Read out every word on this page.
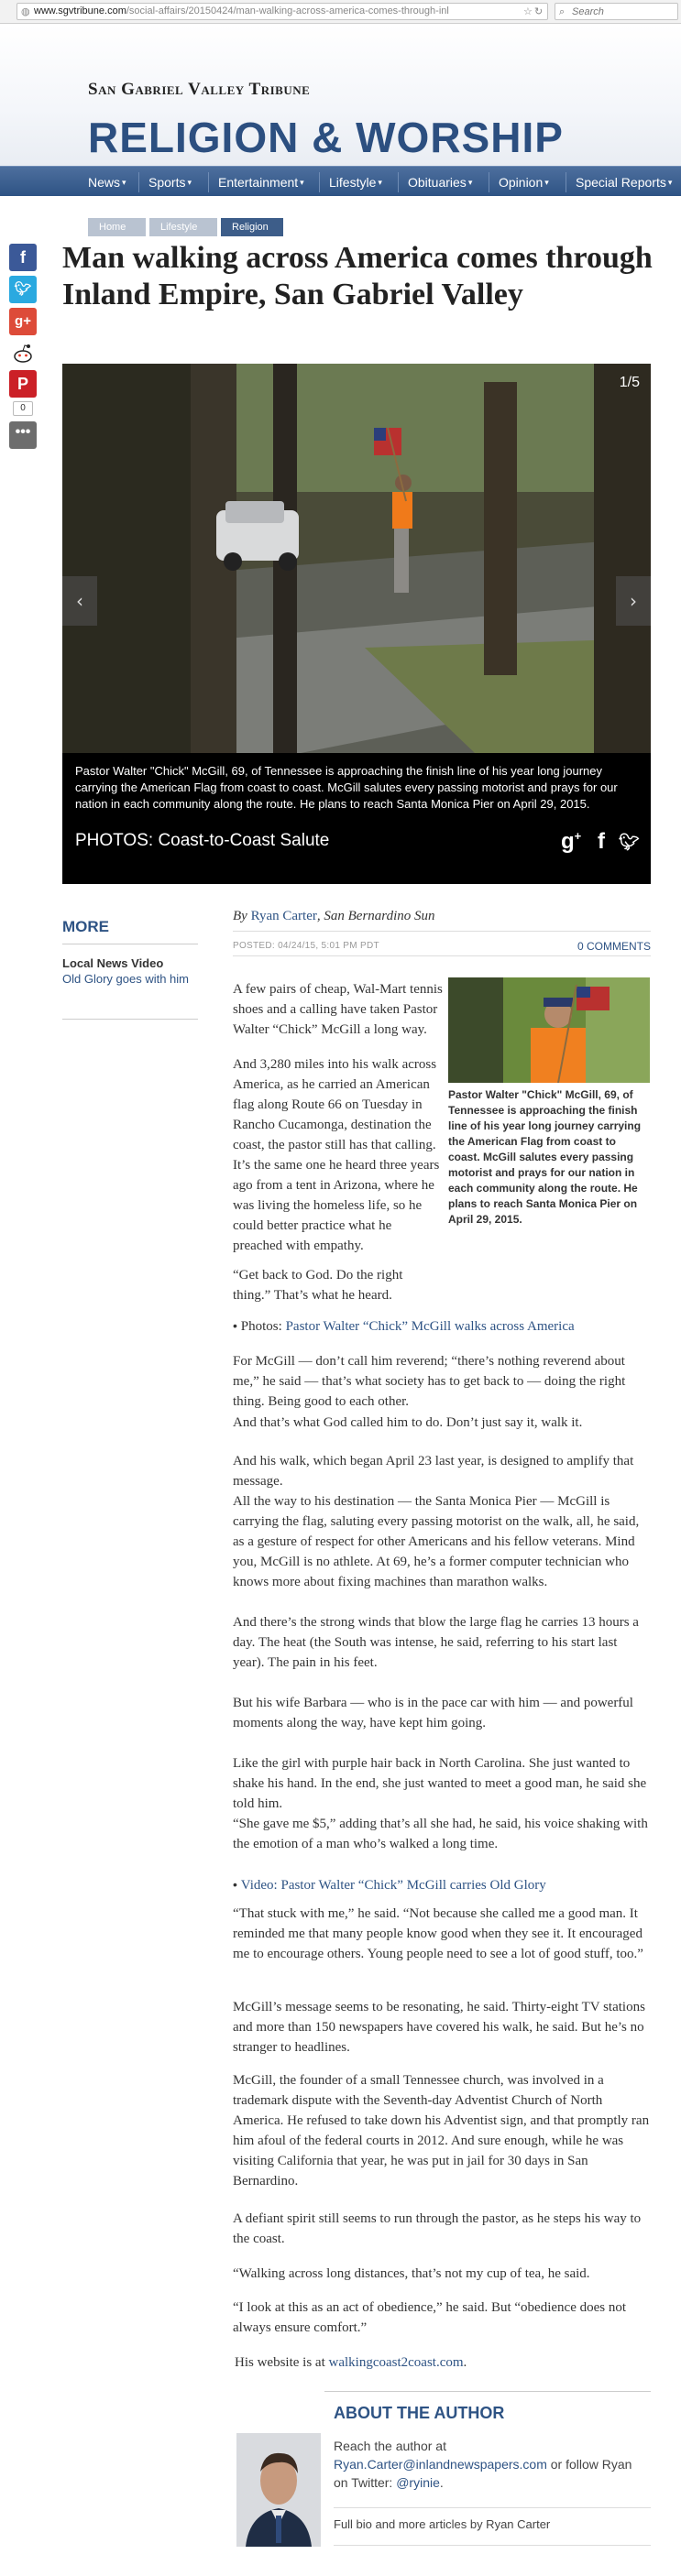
◍ www.sgvtribune.com/social-affairs/20150424/man-walking-across-america-comes-through-inl	☆ ↻ ⌕
Search
San Gabriel Valley Tribune
RELIGION & WORSHIP
News ▾	Sports ▾	Entertainment ▾	Lifestyle ▾	Obituaries ▾	Opinion ▾	Special Reports ▾
f
🐦︎
g+
P
0
•••
Home	Lifestyle	Religion
Man walking across America comes through Inland Empire, San Gabriel Valley
1/5
‹	›
Pastor Walter "Chick" McGill, 69, of Tennessee is approaching the finish line of his year long journey carrying the American Flag from coast to coast. McGill salutes every passing motorist and prays for our nation in each community along the route. He plans to reach Santa Monica Pier on April 29, 2015.
PHOTOS: Coast-to-Coast Salute	g+ f 🐦︎
MORE
Local News Video
Old Glory goes with him
By Ryan Carter, San Bernardino Sun
POSTED: 04/24/15, 5:01 PM PDT	0 COMMENTS
Pastor Walter "Chick" McGill, 69, of Tennessee is approaching the finish line of his year long journey carrying the American Flag from coast to coast. McGill salutes every passing motorist and prays for our nation in each community along the route. He plans to reach Santa Monica Pier on April 29, 2015.

A few pairs of cheap, Wal-Mart tennis shoes and a calling have taken Pastor Walter “Chick” McGill a long way.

And 3,280 miles into his walk across America, as he carried an American flag along Route 66 on Tuesday in Rancho Cucamonga, destination the coast, the pastor still has that calling. It’s the same one he heard three years ago from a tent in Arizona, where he was living the homeless life, so he could better practice what he preached with empathy.

“Get back to God. Do the right thing.” That’s what he heard.

• Photos: Pastor Walter “Chick” McGill walks across America

For McGill — don’t call him reverend; “there’s nothing reverend about me,” he said — that’s what society has to get back to — doing the right thing. Being good to each other.

And that’s what God called him to do. Don’t just say it, walk it.

And his walk, which began April 23 last year, is designed to amplify that message.

All the way to his destination — the Santa Monica Pier — McGill is carrying the flag, saluting every passing motorist on the walk, all, he said, as a gesture of respect for other Americans and his fellow veterans. Mind you, McGill is no athlete. At 69, he’s a former computer technician who knows more about fixing machines than marathon walks.

And there’s the strong winds that blow the large flag he carries 13 hours a day. The heat (the South was intense, he said, referring to his start last year). The pain in his feet.

But his wife Barbara — who is in the pace car with him — and powerful moments along the way, have kept him going.

Like the girl with purple hair back in North Carolina. She just wanted to shake his hand. In the end, she just wanted to meet a good man, he said she told him.

“She gave me $5,” adding that’s all she had, he said, his voice shaking with the emotion of a man who’s walked a long time.

• Video: Pastor Walter “Chick” McGill carries Old Glory

“That stuck with me,” he said. “Not because she called me a good man. It reminded me that many people know good when they see it. It encouraged me to encourage others. Young people need to see a lot of good stuff, too.”

McGill’s message seems to be resonating, he said. Thirty-eight TV stations and more than 150 newspapers have covered his walk, he said. But he’s no stranger to headlines.

McGill, the founder of a small Tennessee church, was involved in a trademark dispute with the Seventh-day Adventist Church of North America. He refused to take down his Adventist sign, and that promptly ran him afoul of the federal courts in 2012. And sure enough, while he was visiting California that year, he was put in jail for 30 days in San Bernardino.

A defiant spirit still seems to run through the pastor, as he steps his way to the coast.

“Walking across long distances, that’s not my cup of tea, he said.

“I look at this as an act of obedience,” he said. But “obedience does not always ensure comfort.”

His website is at walkingcoast2coast.com.

ABOUT THE AUTHOR
Reach the author at
Ryan.Carter@inlandnewspapers.com or follow Ryan on Twitter: @ryinie.
Full bio and more articles by Ryan Carter
